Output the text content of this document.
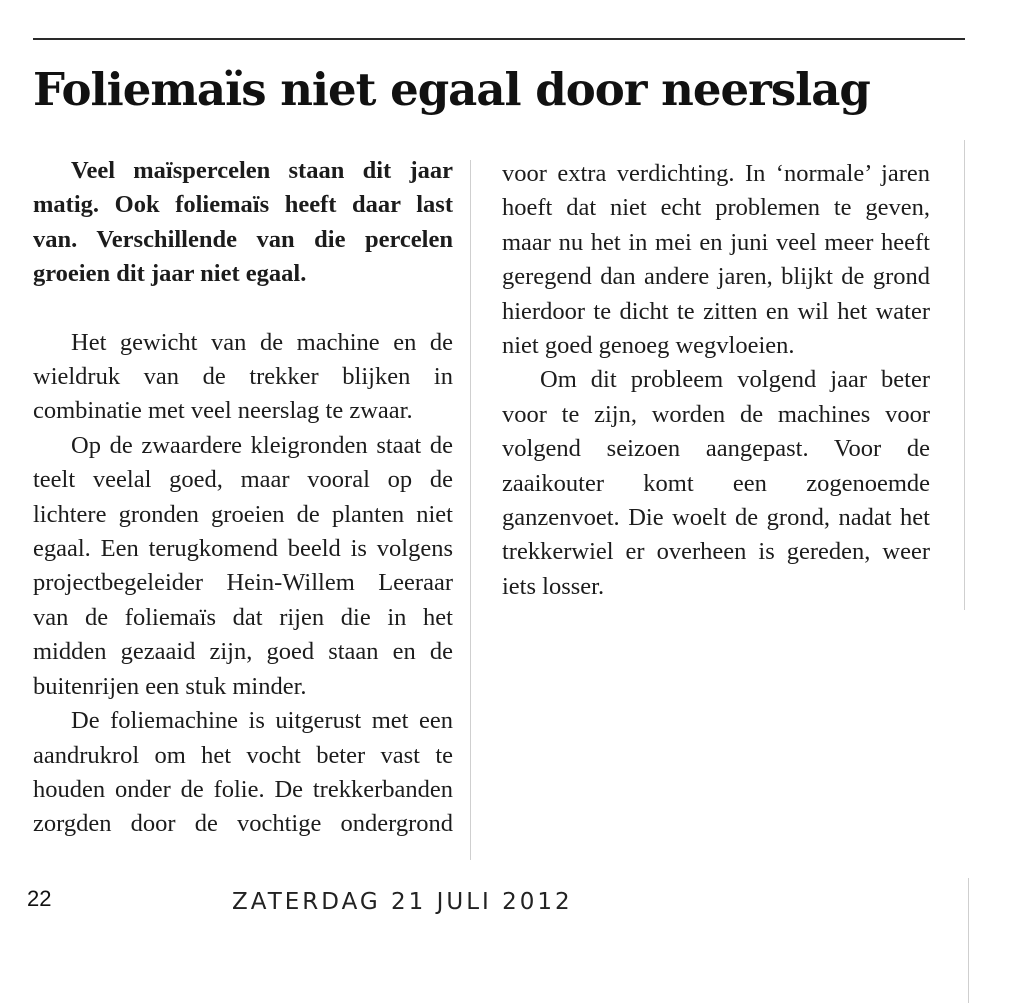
Foliemaïs niet egaal door neerslag

Veel maïspercelen staan dit jaar matig. Ook foliemaïs heeft daar last van. Verschillende van die percelen groeien dit jaar niet egaal.

Het gewicht van de machine en de wieldruk van de trekker blijken in combinatie met veel neerslag te zwaar.

Op de zwaardere kleigronden staat de teelt veelal goed, maar vooral op de lichtere gronden groeien de planten niet egaal. Een terugkomend beeld is volgens projectbegeleider Hein-Willem Leeraar van de foliemaïs dat rijen die in het midden gezaaid zijn, goed staan en de buitenrijen een stuk minder.

De foliemachine is uitgerust met een aandrukrol om het vocht beter vast te houden onder de folie. De trekkerbanden zorgden door de vochtige ondergrond

voor extra verdichting. In ‘normale’ jaren hoeft dat niet echt problemen te geven, maar nu het in mei en juni veel meer heeft geregend dan andere jaren, blijkt de grond hierdoor te dicht te zitten en wil het water niet goed genoeg wegvloeien.

Om dit probleem volgend jaar beter voor te zijn, worden de machines voor volgend seizoen aangepast. Voor de zaaikouter komt een zogenoemde ganzenvoet. Die woelt de grond, nadat het trekkerwiel er overheen is gereden, weer iets losser.

22	ZATERDAG 21 JULI 2012
